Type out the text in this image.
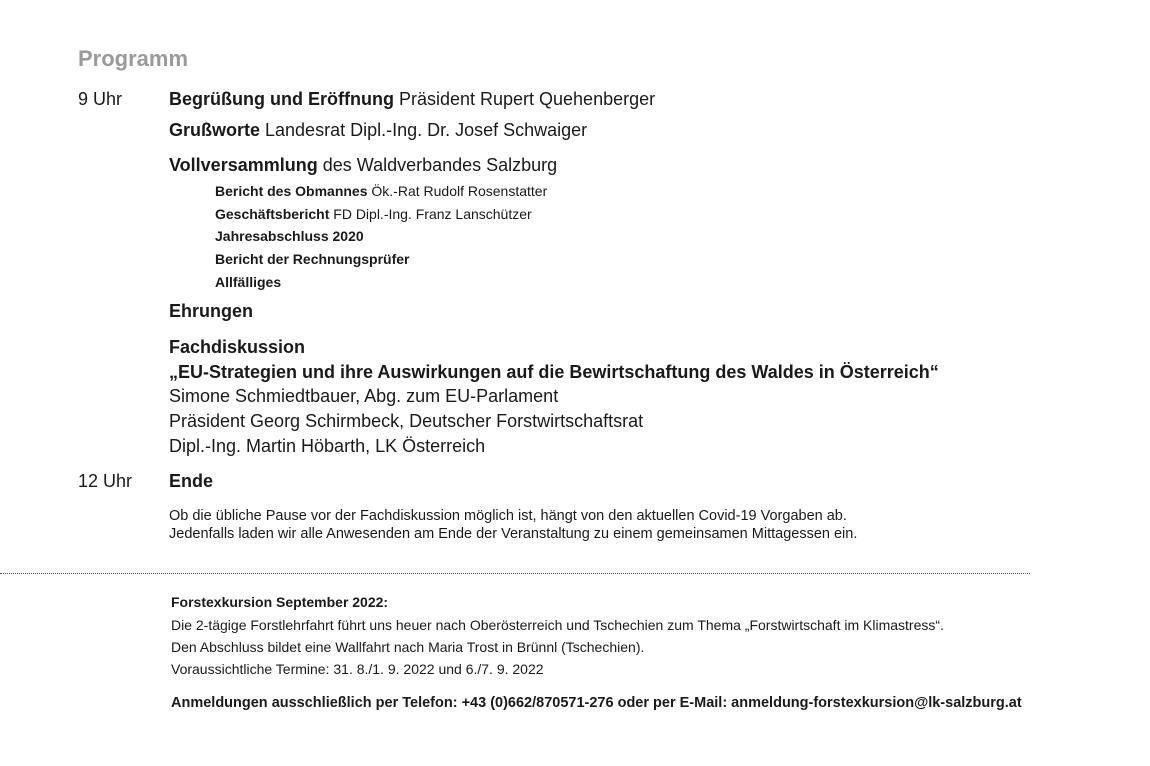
Programm
9 Uhr	Begrüßung und Eröffnung Präsident Rupert Quehenberger
Grußworte Landesrat Dipl.-Ing. Dr. Josef Schwaiger
Vollversammlung des Waldverbandes Salzburg
Bericht des Obmannes Ök.-Rat Rudolf Rosenstatter
Geschäftsbericht FD Dipl.-Ing. Franz Lanschützer
Jahresabschluss 2020
Bericht der Rechnungsprüfer
Allfälliges
Ehrungen
Fachdiskussion
„EU-Strategien und ihre Auswirkungen auf die Bewirtschaftung des Waldes in Österreich“
Simone Schmiedtbauer, Abg. zum EU-Parlament
Präsident Georg Schirmbeck, Deutscher Forstwirtschaftsrat
Dipl.-Ing. Martin Höbarth, LK Österreich
12 Uhr Ende
Ob die übliche Pause vor der Fachdiskussion möglich ist, hängt von den aktuellen Covid-19 Vorgaben ab.
Jedenfalls laden wir alle Anwesenden am Ende der Veranstaltung zu einem gemeinsamen Mittagessen ein.
Forstexkursion September 2022:
Die 2-tägige Forstlehrfahrt führt uns heuer nach Oberösterreich und Tschechien zum Thema „Forstwirtschaft im Klimastress“.
Den Abschluss bildet eine Wallfahrt nach Maria Trost in Brünnl (Tschechien).
Voraussichtliche Termine: 31. 8./1. 9. 2022 und 6./7. 9. 2022
Anmeldungen ausschließlich per Telefon: +43 (0)662/870571-276 oder per E-Mail: anmeldung-forstexkursion@lk-salzburg.at
